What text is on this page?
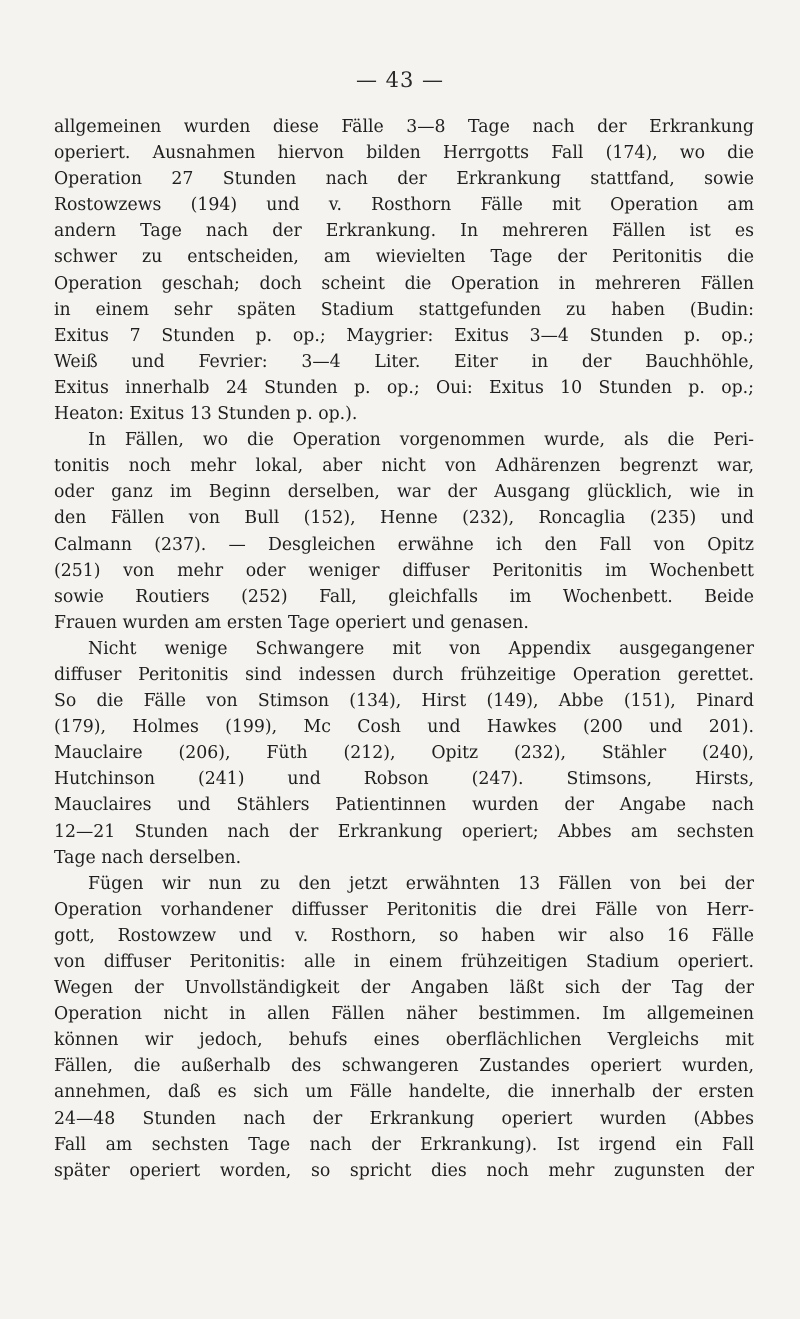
— 43 —
allgemeinen wurden diese Fälle 3—8 Tage nach der Erkrankung
operiert. Ausnahmen hiervon bilden Herrgotts Fall (174), wo die
Operation 27 Stunden nach der Erkrankung stattfand, sowie
Rostowzews (194) und v. Rosthorn Fälle mit Operation am
andern Tage nach der Erkrankung. In mehreren Fällen ist es
schwer zu entscheiden, am wievielten Tage der Peritonitis die
Operation geschah; doch scheint die Operation in mehreren Fällen
in einem sehr späten Stadium stattgefunden zu haben (Budin:
Exitus 7 Stunden p. op.; Maygrier: Exitus 3—4 Stunden p. op.;
Weiß und Fevrier: 3—4 Liter. Eiter in der Bauchhöhle,
Exitus innerhalb 24 Stunden p. op.; Oui: Exitus 10 Stunden p. op.;
Heaton: Exitus 13 Stunden p. op.).
In Fällen, wo die Operation vorgenommen wurde, als die Peri-
tonitis noch mehr lokal, aber nicht von Adhärenzen begrenzt war,
oder ganz im Beginn derselben, war der Ausgang glücklich, wie in
den Fällen von Bull (152), Henne (232), Roncaglia (235) und
Calmann (237). — Desgleichen erwähne ich den Fall von Opitz
(251) von mehr oder weniger diffuser Peritonitis im Wochenbett
sowie Routiers (252) Fall, gleichfalls im Wochenbett. Beide
Frauen wurden am ersten Tage operiert und genasen.
Nicht wenige Schwangere mit von Appendix ausgegangener
diffuser Peritonitis sind indessen durch frühzeitige Operation gerettet.
So die Fälle von Stimson (134), Hirst (149), Abbe (151), Pinard
(179), Holmes (199), Mc Cosh und Hawkes (200 und 201).
Mauclaire (206), Füth (212), Opitz (232), Stähler (240),
Hutchinson (241) und Robson (247). Stimsons, Hirsts,
Mauclaires und Stählers Patientinnen wurden der Angabe nach
12—21 Stunden nach der Erkrankung operiert; Abbes am sechsten
Tage nach derselben.
Fügen wir nun zu den jetzt erwähnten 13 Fällen von bei der
Operation vorhandener diffusser Peritonitis die drei Fälle von Herr-
gott, Rostowzew und v. Rosthorn, so haben wir also 16 Fälle
von diffuser Peritonitis: alle in einem frühzeitigen Stadium operiert.
Wegen der Unvollständigkeit der Angaben läßt sich der Tag der
Operation nicht in allen Fällen näher bestimmen. Im allgemeinen
können wir jedoch, behufs eines oberflächlichen Vergleichs mit
Fällen, die außerhalb des schwangeren Zustandes operiert wurden,
annehmen, daß es sich um Fälle handelte, die innerhalb der ersten
24—48 Stunden nach der Erkrankung operiert wurden (Abbes
Fall am sechsten Tage nach der Erkrankung). Ist irgend ein Fall
später operiert worden, so spricht dies noch mehr zugunsten der
